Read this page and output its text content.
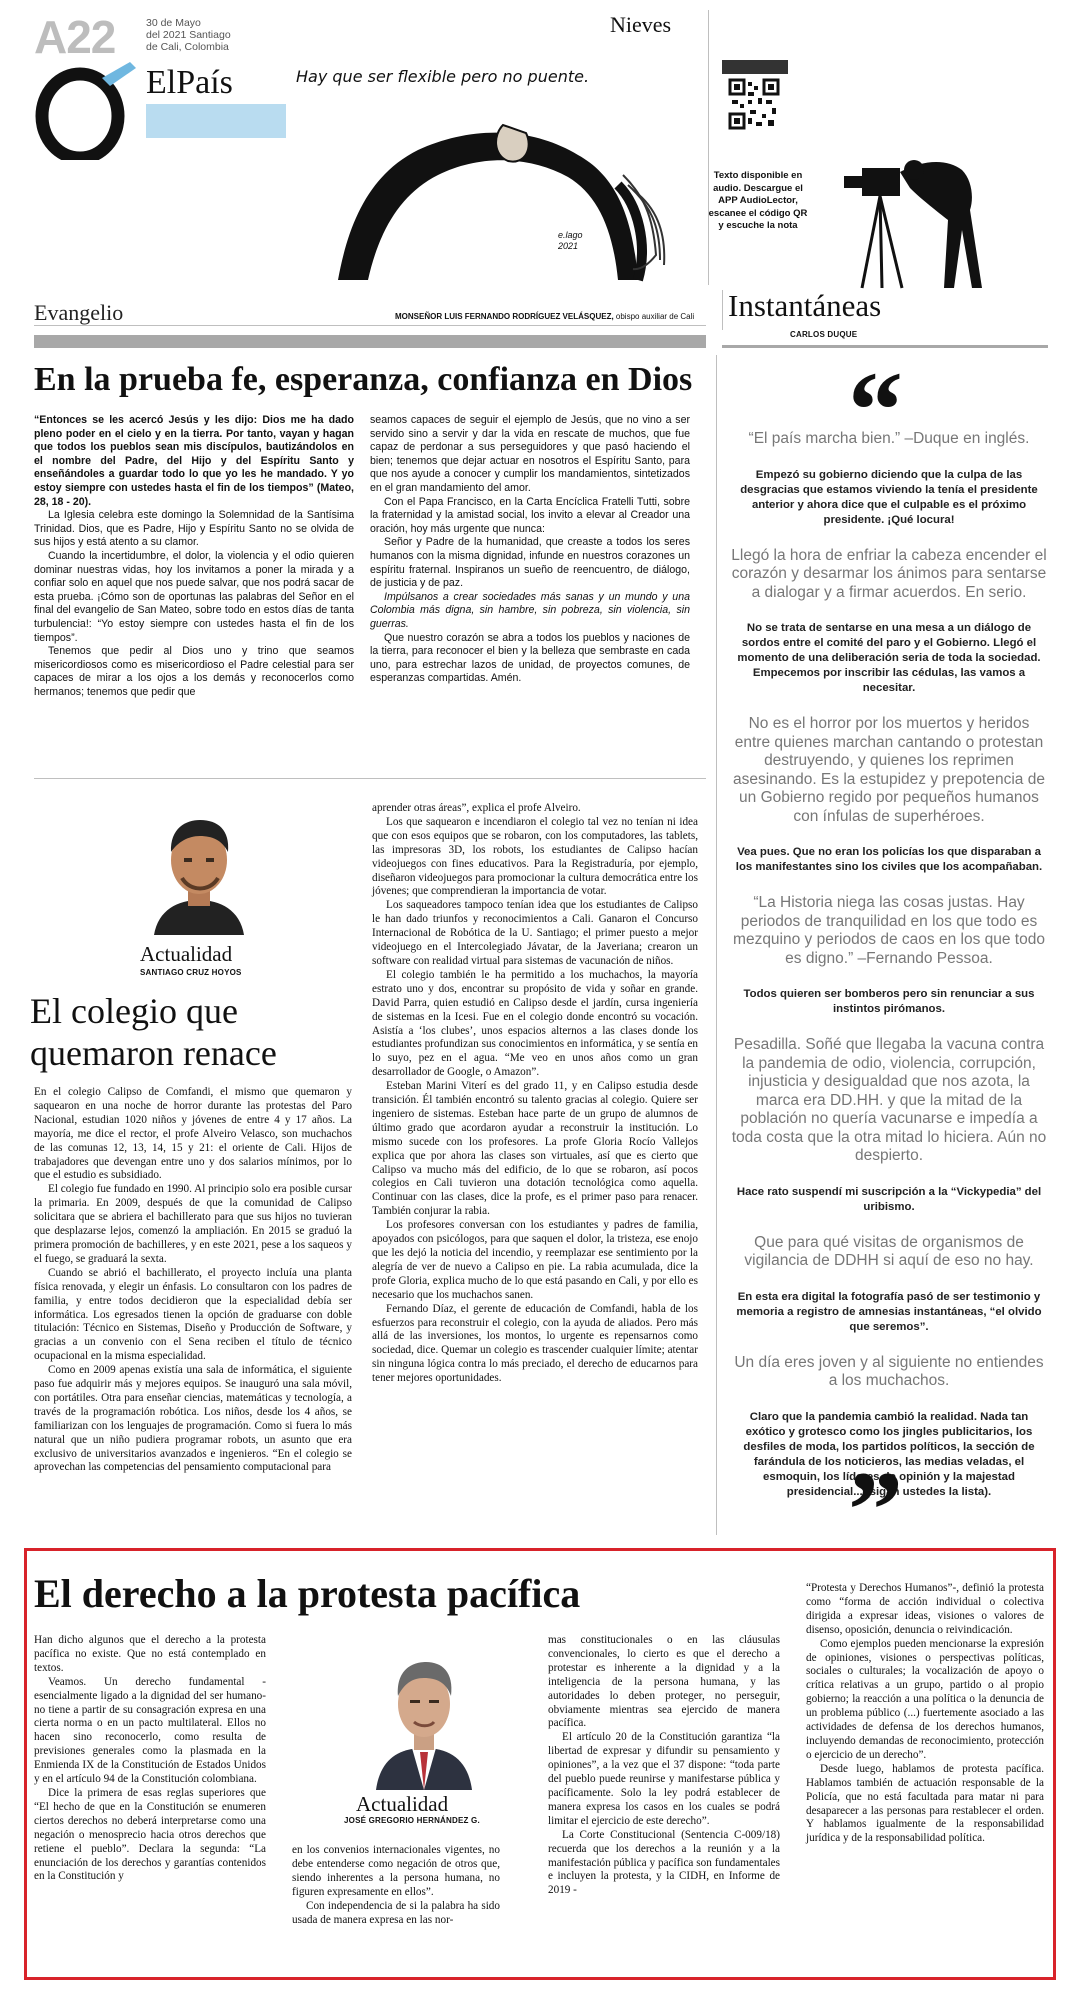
A22	30 de Mayo
del 2021 Santiago
de Cali, Colombia
ElPaís
Nieves
Hay que ser flexible pero no puente.
e.lago
2021
Texto disponible en audio. Descargue el APP AudioLector, escanee el código QR y escuche la nota
Evangelio	MONSEÑOR LUIS FERNANDO RODRÍGUEZ VELÁSQUEZ, obispo auxiliar de Cali Instantáneas
CARLOS DUQUE
En la prueba fe, esperanza, confianza en Dios

“Entonces se les acercó Jesús y les dijo: Dios me ha dado pleno poder en el cielo y en la tierra. Por tanto, vayan y hagan que todos los pueblos sean mis discípulos, bautizándolos en el nombre del Padre, del Hijo y del Espíritu Santo y enseñándoles a guardar todo lo que yo les he mandado. Y yo estoy siempre con ustedes hasta el fin de los tiempos” (Mateo, 28, 18 - 20).

La Iglesia celebra este domingo la Solemnidad de la Santísima Trinidad. Dios, que es Padre, Hijo y Espíritu Santo no se olvida de sus hijos y está atento a su clamor.

Cuando la incertidumbre, el dolor, la violencia y el odio quieren dominar nuestras vidas, hoy los invitamos a poner la mirada y a confiar solo en aquel que nos puede salvar, que nos podrá sacar de esta prueba. ¡Cómo son de oportunas las palabras del Señor en el final del evangelio de San Mateo, sobre todo en estos días de tanta turbulencia!: “Yo estoy siempre con ustedes hasta el fin de los tiempos”.

Tenemos que pedir al Dios uno y trino que seamos misericordiosos como es misericordioso el Padre celestial para ser capaces de mirar a los ojos a los demás y reconocerlos como hermanos; tenemos que pedir que

seamos capaces de seguir el ejemplo de Jesús, que no vino a ser servido sino a servir y dar la vida en rescate de muchos, que fue capaz de perdonar a sus perseguidores y que pasó haciendo el bien; tenemos que dejar actuar en nosotros el Espíritu Santo, para que nos ayude a conocer y cumplir los mandamientos, sintetizados en el gran mandamiento del amor.

Con el Papa Francisco, en la Carta Encíclica Fratelli Tutti, sobre la fraternidad y la amistad social, los invito a elevar al Creador una oración, hoy más urgente que nunca:

Señor y Padre de la humanidad, que creaste a todos los seres humanos con la misma dignidad, infunde en nuestros corazones un espíritu fraternal. Inspiranos un sueño de reencuentro, de diálogo, de justicia y de paz.

Impúlsanos a crear sociedades más sanas y un mundo y una Colombia más digna, sin hambre, sin pobreza, sin violencia, sin guerras.

Que nuestro corazón se abra a todos los pueblos y naciones de la tierra, para reconocer el bien y la belleza que sembraste en cada uno, para estrechar lazos de unidad, de proyectos comunes, de esperanzas compartidas. Amén.

Actualidad
SANTIAGO CRUZ HOYOS
El colegio que
quemaron renace

En el colegio Calipso de Comfandi, el mismo que quemaron y saquearon en una noche de horror durante las protestas del Paro Nacional, estudian 1020 niños y jóvenes de entre 4 y 17 años. La mayoría, me dice el rector, el profe Alveiro Velasco, son muchachos de las comunas 12, 13, 14, 15 y 21: el oriente de Cali. Hijos de trabajadores que devengan entre uno y dos salarios mínimos, por lo que el estudio es subsidiado.

El colegio fue fundado en 1990. Al principio solo era posible cursar la primaria. En 2009, después de que la comunidad de Calipso solicitara que se abriera el bachillerato para que sus hijos no tuvieran que desplazarse lejos, comenzó la ampliación. En 2015 se graduó la primera promoción de bachilleres, y en este 2021, pese a los saqueos y el fuego, se graduará la sexta.

Cuando se abrió el bachillerato, el proyecto incluía una planta física renovada, y elegir un énfasis. Lo consultaron con los padres de familia, y entre todos decidieron que la especialidad debía ser informática. Los egresados tienen la opción de graduarse con doble titulación: Técnico en Sistemas, Diseño y Producción de Software, y gracias a un convenio con el Sena reciben el título de técnico ocupacional en la misma especialidad.

Como en 2009 apenas existía una sala de informática, el siguiente paso fue adquirir más y mejores equipos. Se inauguró una sala móvil, con portátiles. Otra para enseñar ciencias, matemáticas y tecnología, a través de la programación robótica. Los niños, desde los 4 años, se familiarizan con los lenguajes de programación. Como si fuera lo más natural que un niño pudiera programar robots, un asunto que era exclusivo de universitarios avanzados e ingenieros. “En el colegio se aprovechan las competencias del pensamiento computacional para

aprender otras áreas”, explica el profe Alveiro.

Los que saquearon e incendiaron el colegio tal vez no tenían ni idea que con esos equipos que se robaron, con los computadores, las tablets, las impresoras 3D, los robots, los estudiantes de Calipso hacían videojuegos con fines educativos. Para la Registraduría, por ejemplo, diseñaron videojuegos para promocionar la cultura democrática entre los jóvenes; que comprendieran la importancia de votar.

Los saqueadores tampoco tenían idea que los estudiantes de Calipso le han dado triunfos y reconocimientos a Cali. Ganaron el Concurso Internacional de Robótica de la U. Santiago; el primer puesto a mejor videojuego en el Intercolegiado Jávatar, de la Javeriana; crearon un software con realidad virtual para sistemas de vacunación de niños.

El colegio también le ha permitido a los muchachos, la mayoría estrato uno y dos, encontrar su propósito de vida y soñar en grande. David Parra, quien estudió en Calipso desde el jardín, cursa ingeniería de sistemas en la Icesi. Fue en el colegio donde encontró su vocación. Asistía a ‘los clubes’, unos espacios alternos a las clases donde los estudiantes profundizan sus conocimientos en informática, y se sentía en lo suyo, pez en el agua. “Me veo en unos años como un gran desarrollador de Google, o Amazon”.

Esteban Marini Viterí es del grado 11, y en Calipso estudia desde transición. Él también encontró su talento gracias al colegio. Quiere ser ingeniero de sistemas. Esteban hace parte de un grupo de alumnos de último grado que acordaron ayudar a reconstruir la institución. Lo mismo sucede con los profesores. La profe Gloria Rocío Vallejos explica que por ahora las clases son virtuales, así que es cierto que Calipso va mucho más del edificio, de lo que se robaron, así pocos colegios en Cali tuvieron una dotación tecnológica como aquella. Continuar con las clases, dice la profe, es el primer paso para renacer. También conjurar la rabia.

Los profesores conversan con los estudiantes y padres de familia, apoyados con psicólogos, para que saquen el dolor, la tristeza, ese enojo que les dejó la noticia del incendio, y reemplazar ese sentimiento por la alegría de ver de nuevo a Calipso en pie. La rabia acumulada, dice la profe Gloria, explica mucho de lo que está pasando en Cali, y por ello es necesario que los muchachos sanen.

Fernando Díaz, el gerente de educación de Comfandi, habla de los esfuerzos para reconstruir el colegio, con la ayuda de aliados. Pero más allá de las inversiones, los montos, lo urgente es repensarnos como sociedad, dice. Quemar un colegio es trascender cualquier límite; atentar sin ninguna lógica contra lo más preciado, el derecho de educarnos para tener mejores oportunidades.

“
“El país marcha bien.” –Duque en inglés.
Empezó su gobierno diciendo que la culpa de las desgracias que estamos viviendo la tenía el presidente anterior y ahora dice que el culpable es el próximo presidente. ¡Qué locura!
Llegó la hora de enfriar la cabeza encender el corazón y desarmar los ánimos para sentarse a dialogar y a firmar acuerdos. En serio.
No se trata de sentarse en una mesa a un diálogo de sordos entre el comité del paro y el Gobierno. Llegó el momento de una deliberación seria de toda la sociedad. Empecemos por inscribir las cédulas, las vamos a necesitar.
No es el horror por los muertos y heridos entre quienes marchan cantando o protestan destruyendo, y quienes los reprimen asesinando. Es la estupidez y prepotencia de un Gobierno regido por pequeños humanos con ínfulas de superhéroes.
Vea pues. Que no eran los policías los que disparaban a los manifestantes sino los civiles que los acompañaban.
“La Historia niega las cosas justas. Hay periodos de tranquilidad en los que todo es mezquino y periodos de caos en los que todo es digno.” –Fernando Pessoa.
Todos quieren ser bomberos pero sin renunciar a sus instintos pirómanos.
Pesadilla. Soñé que llegaba la vacuna contra la pandemia de odio, violencia, corrupción, injusticia y desigualdad que nos azota, la marca era DD.HH. y que la mitad de la población no quería vacunarse e impedía a toda costa que la otra mitad lo hiciera. Aún no despierto.
Hace rato suspendí mi suscripción a la “Vickypedia” del uribismo.
Que para qué visitas de organismos de vigilancia de DDHH si aquí de eso no hay.
En esta era digital la fotografía pasó de ser testimonio y memoria a registro de amnesias instantáneas, “el olvido que seremos”.
Un día eres joven y al siguiente no entiendes a los muchachos.
Claro que la pandemia cambió la realidad. Nada tan exótico y grotesco como los jingles publicitarios, los desfiles de moda, los partidos políticos, la sección de farándula de los noticieros, las medias veladas, el esmoquin, los líderes de opinión y la majestad presidencial... (sigan ustedes la lista).
”
El derecho a la protesta pacífica

Han dicho algunos que el derecho a la protesta pacífica no existe. Que no está contemplado en textos.

Veamos. Un derecho fundamental -esencialmente ligado a la dignidad del ser humano- no tiene a partir de su consagración expresa en una cierta norma o en un pacto multilateral. Ellos no hacen sino reconocerlo, como resulta de previsiones generales como la plasmada en la Enmienda IX de la Constitución de Estados Unidos y en el artículo 94 de la Constitución colombiana.

Dice la primera de esas reglas superiores que “El hecho de que en la Constitución se enumeren ciertos derechos no deberá interpretarse como una negación o menosprecio hacia otros derechos que retiene el pueblo”. Declara la segunda: “La enunciación de los derechos y garantías contenidos en la Constitución y

Actualidad
JOSÉ GREGORIO HERNÁNDEZ G.

en los convenios internacionales vigentes, no debe entenderse como negación de otros que, siendo inherentes a la persona humana, no figuren expresamente en ellos”.

Con independencia de si la palabra ha sido usada de manera expresa en las nor-

mas constitucionales o en las cláusulas convencionales, lo cierto es que el derecho a protestar es inherente a la dignidad y a la inteligencia de la persona humana, y las autoridades lo deben proteger, no perseguir, obviamente mientras sea ejercido de manera pacífica.

El artículo 20 de la Constitución garantiza “la libertad de expresar y difundir su pensamiento y opiniones”, a la vez que el 37 dispone: “toda parte del pueblo puede reunirse y manifestarse pública y pacíficamente. Solo la ley podrá establecer de manera expresa los casos en los cuales se podrá limitar el ejercicio de este derecho”.

La Corte Constitucional (Sentencia C-009/18) recuerda que los derechos a la reunión y a la manifestación pública y pacífica son fundamentales e incluyen la protesta, y la CIDH, en Informe de 2019 -

“Protesta y Derechos Humanos”-, definió la protesta como “forma de acción individual o colectiva dirigida a expresar ideas, visiones o valores de disenso, oposición, denuncia o reivindicación.

Como ejemplos pueden mencionarse la expresión de opiniones, visiones o perspectivas políticas, sociales o culturales; la vocalización de apoyo o crítica relativas a un grupo, partido o al propio gobierno; la reacción a una política o la denuncia de un problema público (...) fuertemente asociado a las actividades de defensa de los derechos humanos, incluyendo demandas de reconocimiento, protección o ejercicio de un derecho”.

Desde luego, hablamos de protesta pacífica. Hablamos también de actuación responsable de la Policía, que no está facultada para matar ni para desaparecer a las personas para restablecer el orden. Y hablamos igualmente de la responsabilidad jurídica y de la responsabilidad política.
